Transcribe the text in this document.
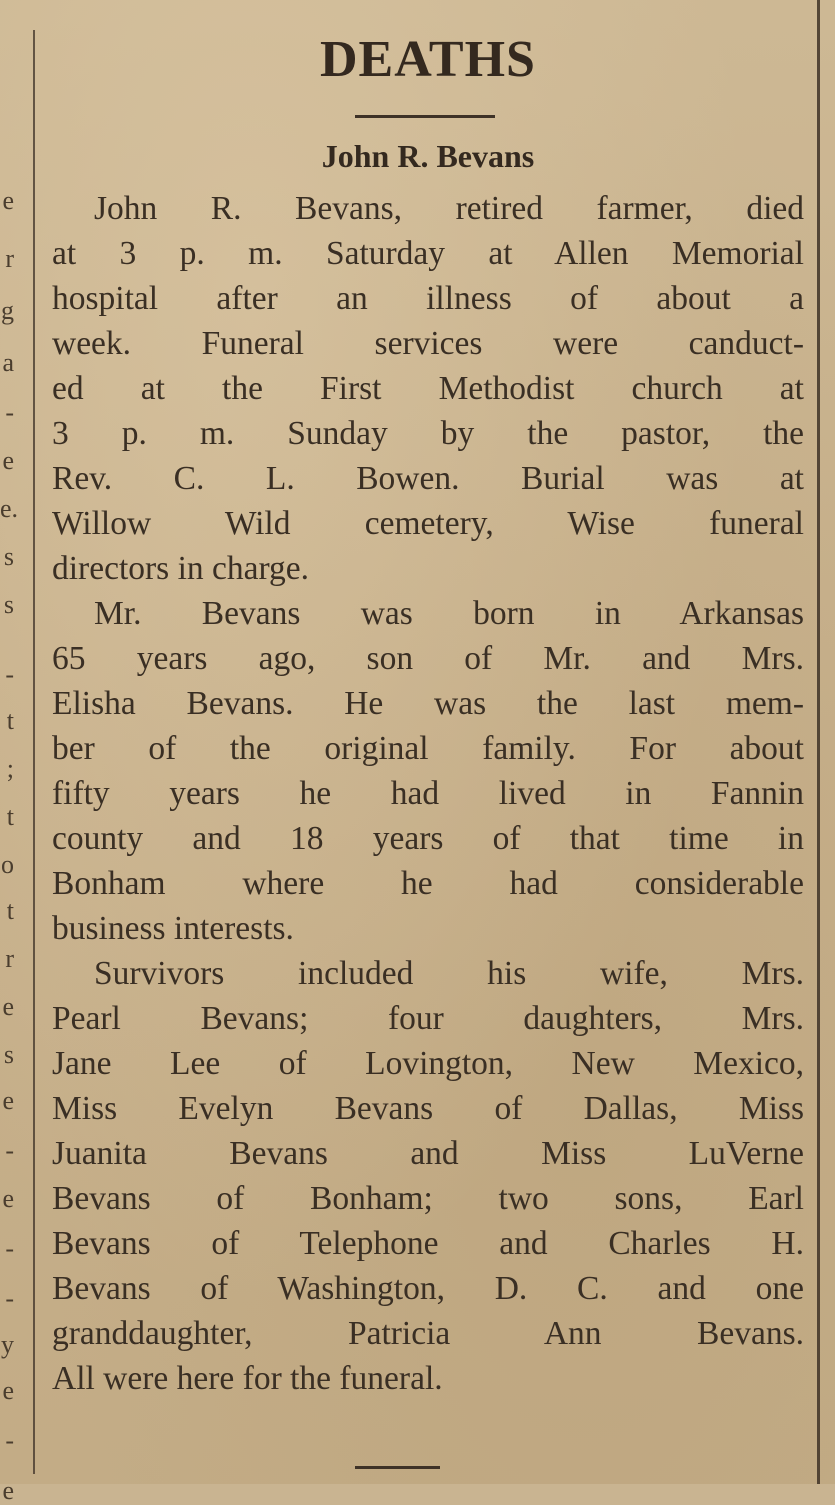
e
r
g
a
-
e
e.
s
s
-
t
;
t
o
t
r
e
s
e
-
e
-
-
y
e
-
e
DEATHS
John R. Bevans
John R. Bevans, retired farmer, died
at 3 p. m. Saturday at Allen Memorial
hospital after an illness of about a
week. Funeral services were canduct-
ed at the First Methodist church at
3 p. m. Sunday by the pastor, the
Rev. C. L. Bowen. Burial was at
Willow Wild cemetery, Wise funeral
directors in charge.
Mr. Bevans was born in Arkansas
65 years ago, son of Mr. and Mrs.
Elisha Bevans. He was the last mem-
ber of the original family. For about
fifty years he had lived in Fannin
county and 18 years of that time in
Bonham where he had considerable
business interests.
Survivors included his wife, Mrs.
Pearl Bevans; four daughters, Mrs.
Jane Lee of Lovington, New Mexico,
Miss Evelyn Bevans of Dallas, Miss
Juanita Bevans and Miss LuVerne
Bevans of Bonham; two sons, Earl
Bevans of Telephone and Charles H.
Bevans of Washington, D. C. and one
granddaughter, Patricia Ann Bevans.
All were here for the funeral.
